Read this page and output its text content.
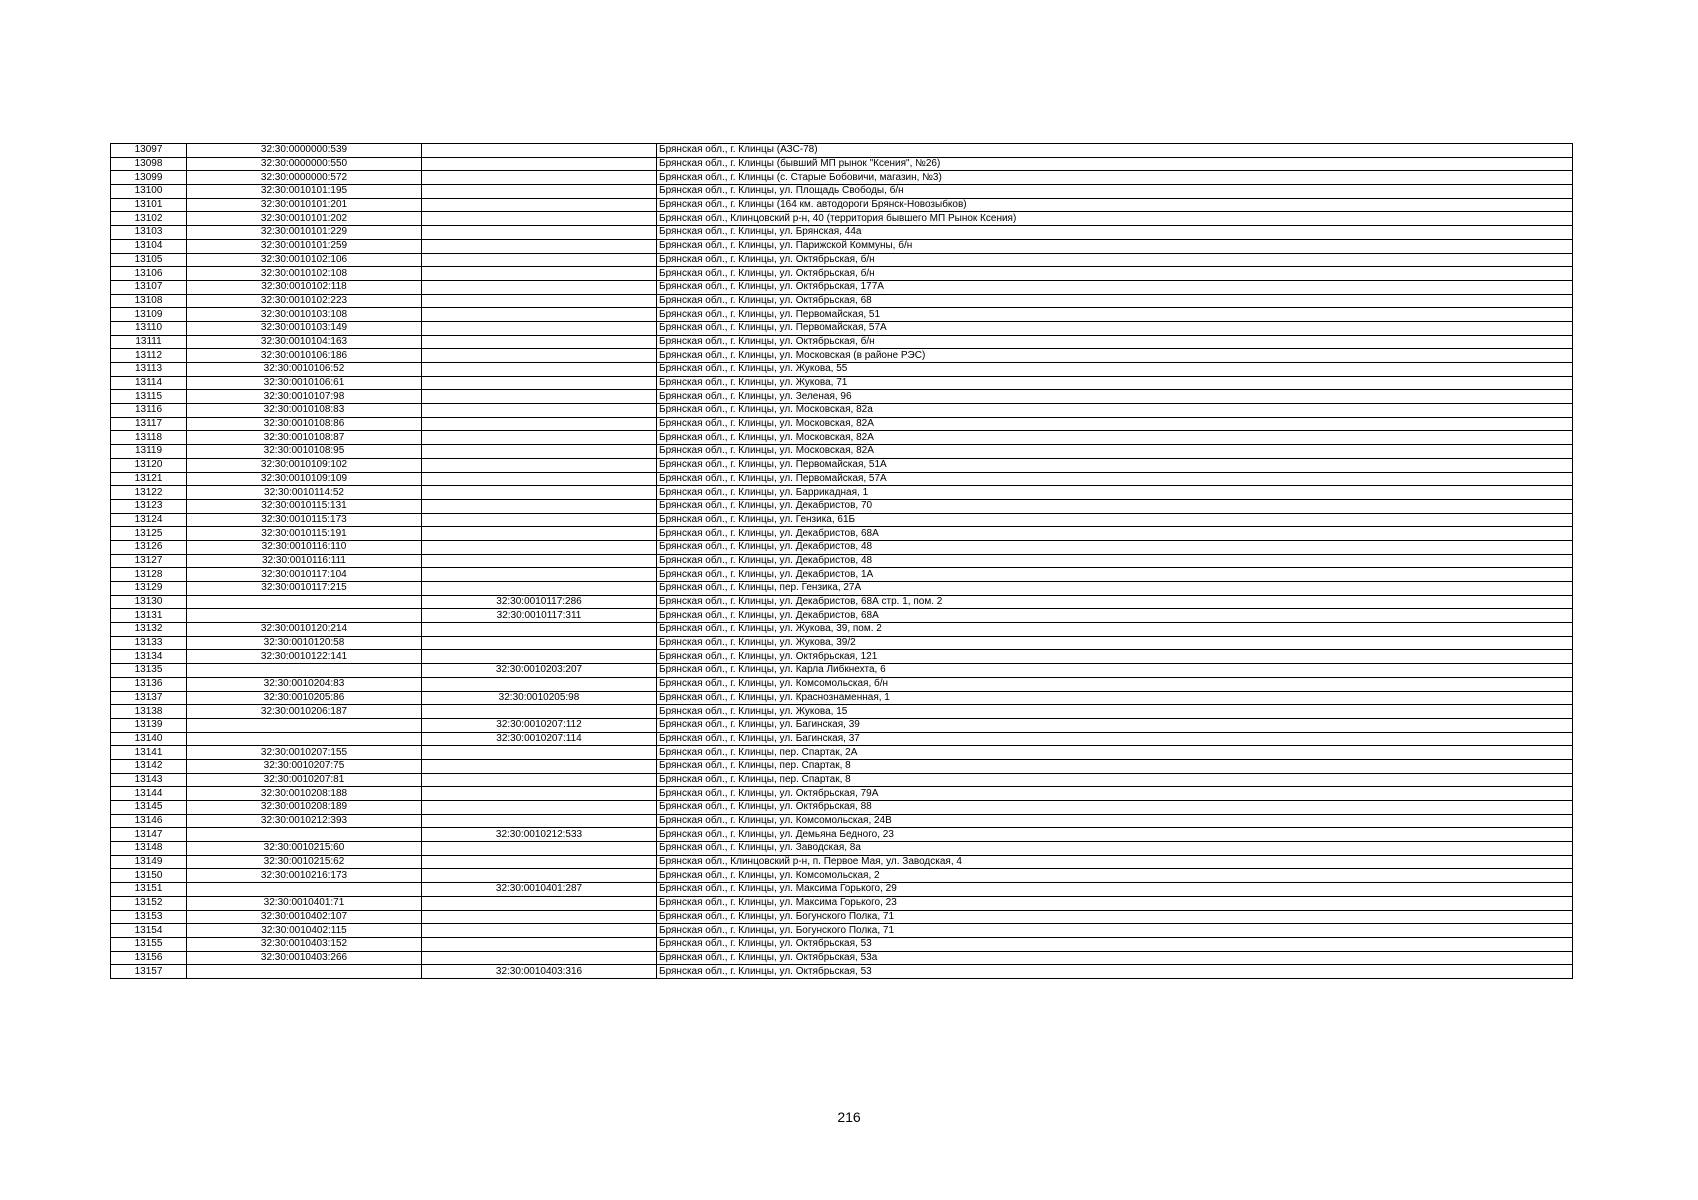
13097	32:30:0000000:539		Брянская обл., г. Клинцы (АЗС-78)
13098	32:30:0000000:550		Брянская обл., г. Клинцы (бывший МП рынок "Ксения", №26)
13099	32:30:0000000:572		Брянская обл., г. Клинцы (с. Старые Бобовичи, магазин, №3)
13100	32:30:0010101:195		Брянская обл., г. Клинцы, ул. Площадь Свободы, б/н
13101	32:30:0010101:201		Брянская обл., г. Клинцы (164 км. автодороги Брянск-Новозыбков)
13102	32:30:0010101:202		Брянская обл., Клинцовский р-н, 40 (территория бывшего МП Рынок Ксения)
13103	32:30:0010101:229		Брянская обл., г. Клинцы, ул. Брянская, 44а
13104	32:30:0010101:259		Брянская обл., г. Клинцы, ул. Парижской Коммуны, б/н
13105	32:30:0010102:106		Брянская обл., г. Клинцы, ул. Октябрьская, б/н
13106	32:30:0010102:108		Брянская обл., г. Клинцы, ул. Октябрьская, б/н
13107	32:30:0010102:118		Брянская обл., г. Клинцы, ул. Октябрьская, 177А
13108	32:30:0010102:223		Брянская обл., г. Клинцы, ул. Октябрьская, 68
13109	32:30:0010103:108		Брянская обл., г. Клинцы, ул. Первомайская, 51
13110	32:30:0010103:149		Брянская обл., г. Клинцы, ул. Первомайская, 57А
13111	32:30:0010104:163		Брянская обл., г. Клинцы, ул. Октябрьская, б/н
13112	32:30:0010106:186		Брянская обл., г. Клинцы, ул. Московская (в районе РЭС)
13113	32:30:0010106:52		Брянская обл., г. Клинцы, ул. Жукова, 55
13114	32:30:0010106:61		Брянская обл., г. Клинцы, ул. Жукова, 71
13115	32:30:0010107:98		Брянская обл., г. Клинцы, ул. Зеленая, 96
13116	32:30:0010108:83		Брянская обл., г. Клинцы, ул. Московская, 82а
13117	32:30:0010108:86		Брянская обл., г. Клинцы, ул. Московская, 82А
13118	32:30:0010108:87		Брянская обл., г. Клинцы, ул. Московская, 82А
13119	32:30:0010108:95		Брянская обл., г. Клинцы, ул. Московская, 82А
13120	32:30:0010109:102		Брянская обл., г. Клинцы, ул. Первомайская, 51А
13121	32:30:0010109:109		Брянская обл., г. Клинцы, ул. Первомайская, 57А
13122	32:30:0010114:52		Брянская обл., г. Клинцы, ул. Баррикадная, 1
13123	32:30:0010115:131		Брянская обл., г. Клинцы, ул. Декабристов, 70
13124	32:30:0010115:173		Брянская обл., г. Клинцы, ул. Гензика, 61Б
13125	32:30:0010115:191		Брянская обл., г. Клинцы, ул. Декабристов, 68А
13126	32:30:0010116:110		Брянская обл., г. Клинцы, ул. Декабристов, 48
13127	32:30:0010116:111		Брянская обл., г. Клинцы, ул. Декабристов, 48
13128	32:30:0010117:104		Брянская обл., г. Клинцы, ул. Декабристов, 1А
13129	32:30:0010117:215		Брянская обл., г. Клинцы, пер. Гензика, 27А
13130		32:30:0010117:286	Брянская обл., г. Клинцы, ул. Декабристов, 68А стр. 1, пом. 2
13131		32:30:0010117:311	Брянская обл., г. Клинцы, ул. Декабристов, 68А
13132	32:30:0010120:214		Брянская обл., г. Клинцы, ул. Жукова, 39, пом. 2
13133	32:30:0010120:58		Брянская обл., г. Клинцы, ул. Жукова, 39/2
13134	32:30:0010122:141		Брянская обл., г. Клинцы, ул. Октябрьская, 121
13135		32:30:0010203:207	Брянская обл., г. Клинцы, ул. Карла Либкнехта, 6
13136	32:30:0010204:83		Брянская обл., г. Клинцы, ул. Комсомольская, б/н
13137	32:30:0010205:86	32:30:0010205:98	Брянская обл., г. Клинцы, ул. Краснознаменная, 1
13138	32:30:0010206:187		Брянская обл., г. Клинцы, ул. Жукова, 15
13139		32:30:0010207:112	Брянская обл., г. Клинцы, ул. Багинская, 39
13140		32:30:0010207:114	Брянская обл., г. Клинцы, ул. Багинская, 37
13141	32:30:0010207:155		Брянская обл., г. Клинцы, пер. Спартак, 2А
13142	32:30:0010207:75		Брянская обл., г. Клинцы, пер. Спартак, 8
13143	32:30:0010207:81		Брянская обл., г. Клинцы, пер. Спартак, 8
13144	32:30:0010208:188		Брянская обл., г. Клинцы, ул. Октябрьская, 79А
13145	32:30:0010208:189		Брянская обл., г. Клинцы, ул. Октябрьская, 88
13146	32:30:0010212:393		Брянская обл., г. Клинцы, ул. Комсомольская, 24В
13147		32:30:0010212:533	Брянская обл., г. Клинцы, ул. Демьяна Бедного, 23
13148	32:30:0010215:60		Брянская обл., г. Клинцы, ул. Заводская, 8а
13149	32:30:0010215:62		Брянская обл., Клинцовский р-н, п. Первое Мая, ул. Заводская, 4
13150	32:30:0010216:173		Брянская обл., г. Клинцы, ул. Комсомольская, 2
13151		32:30:0010401:287	Брянская обл., г. Клинцы, ул. Максима Горького, 29
13152	32:30:0010401:71		Брянская обл., г. Клинцы, ул. Максима Горького, 23
13153	32:30:0010402:107		Брянская обл., г. Клинцы, ул. Богунского Полка, 71
13154	32:30:0010402:115		Брянская обл., г. Клинцы, ул. Богунского Полка, 71
13155	32:30:0010403:152		Брянская обл., г. Клинцы, ул. Октябрьская, 53
13156	32:30:0010403:266		Брянская обл., г. Клинцы, ул. Октябрьская, 53а
13157		32:30:0010403:316	Брянская обл., г. Клинцы, ул. Октябрьская, 53
216
